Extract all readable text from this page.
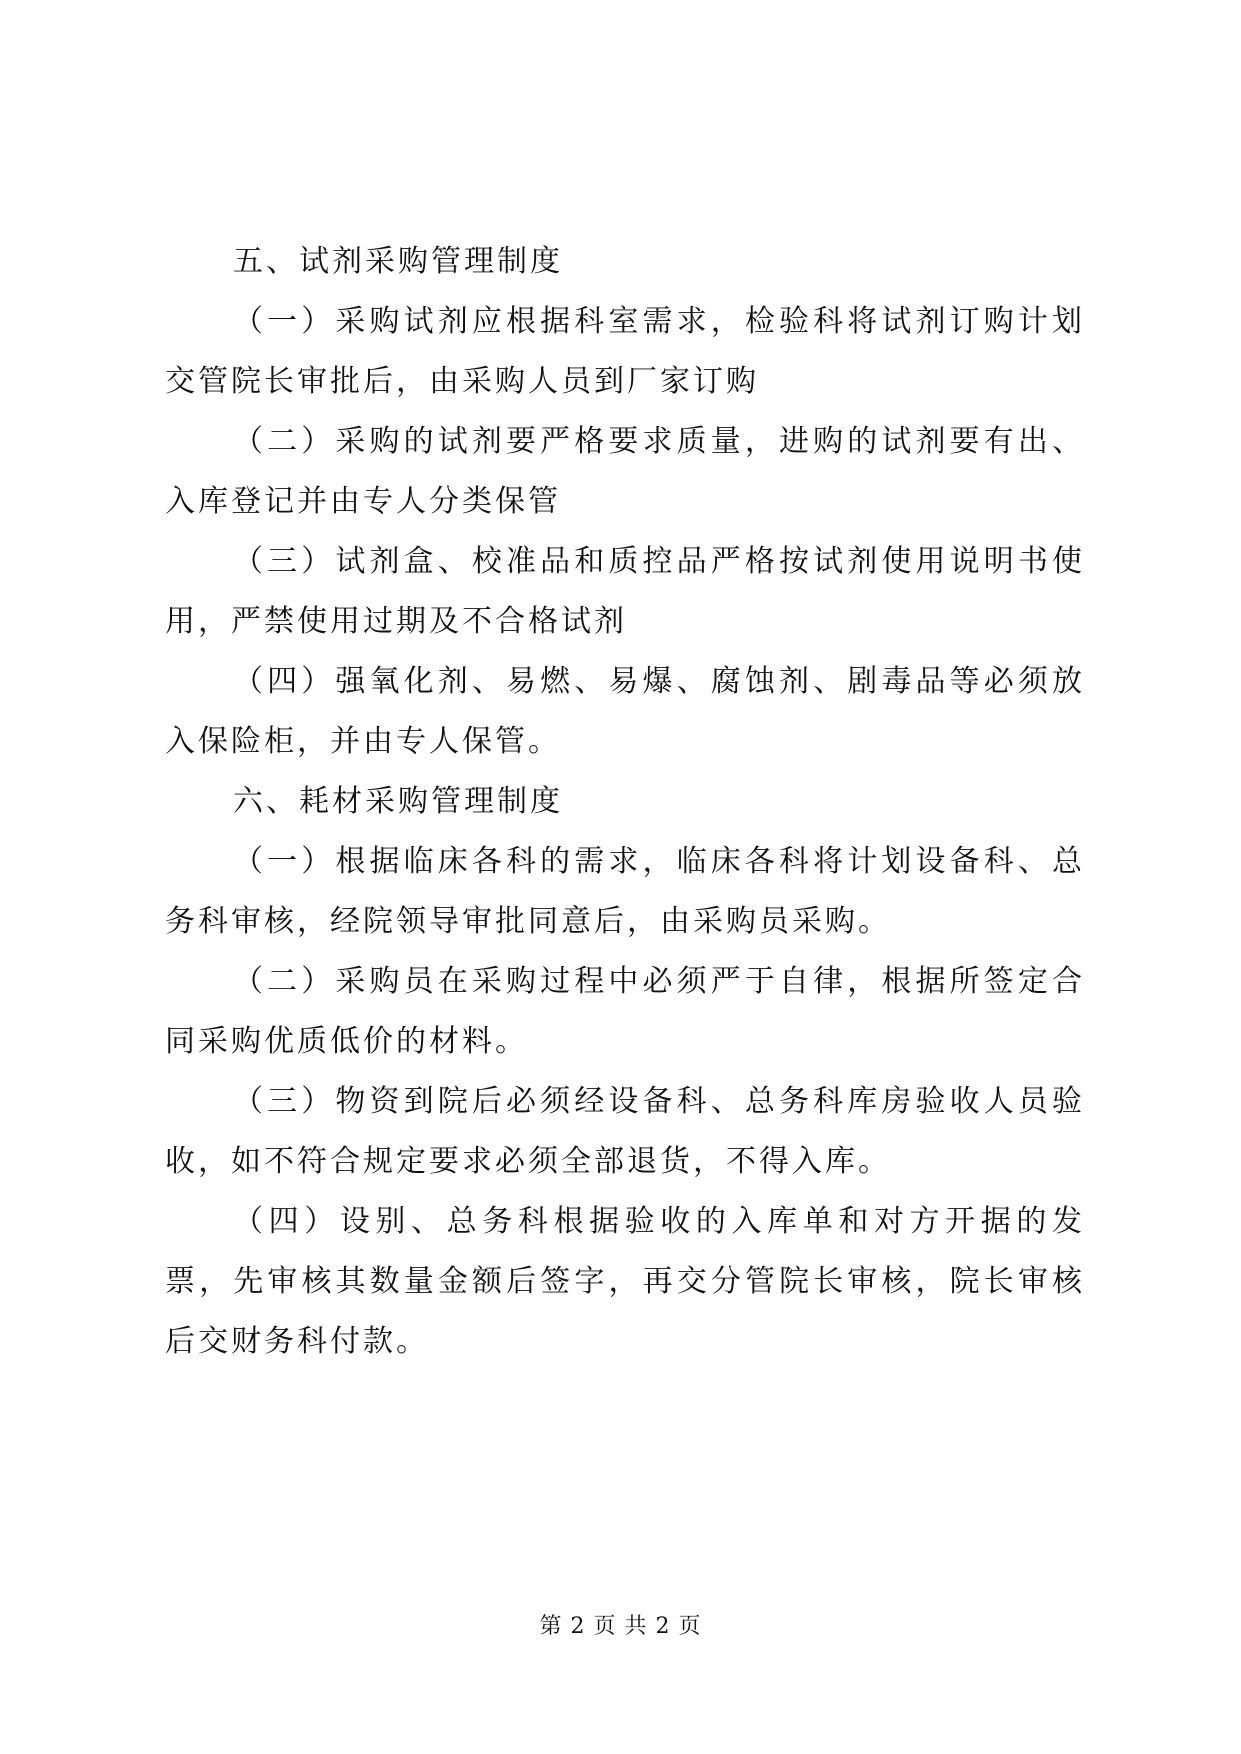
五、试剂采购管理制度

（一）采购试剂应根据科室需求，检验科将试剂订购计划交管院长审批后，由采购人员到厂家订购

（二）采购的试剂要严格要求质量，进购的试剂要有出、入库登记并由专人分类保管

（三）试剂盒、校准品和质控品严格按试剂使用说明书使用，严禁使用过期及不合格试剂

（四）强氧化剂、易燃、易爆、腐蚀剂、剧毒品等必须放入保险柜，并由专人保管。

六、耗材采购管理制度

（一）根据临床各科的需求，临床各科将计划设备科、总务科审核，经院领导审批同意后，由采购员采购。

（二）采购员在采购过程中必须严于自律，根据所签定合同采购优质低价的材料。

（三）物资到院后必须经设备科、总务科库房验收人员验收，如不符合规定要求必须全部退货，不得入库。

（四）设别、总务科根据验收的入库单和对方开据的发票，先审核其数量金额后签字，再交分管院长审核，院长审核后交财务科付款。

第 2 页 共 2 页
